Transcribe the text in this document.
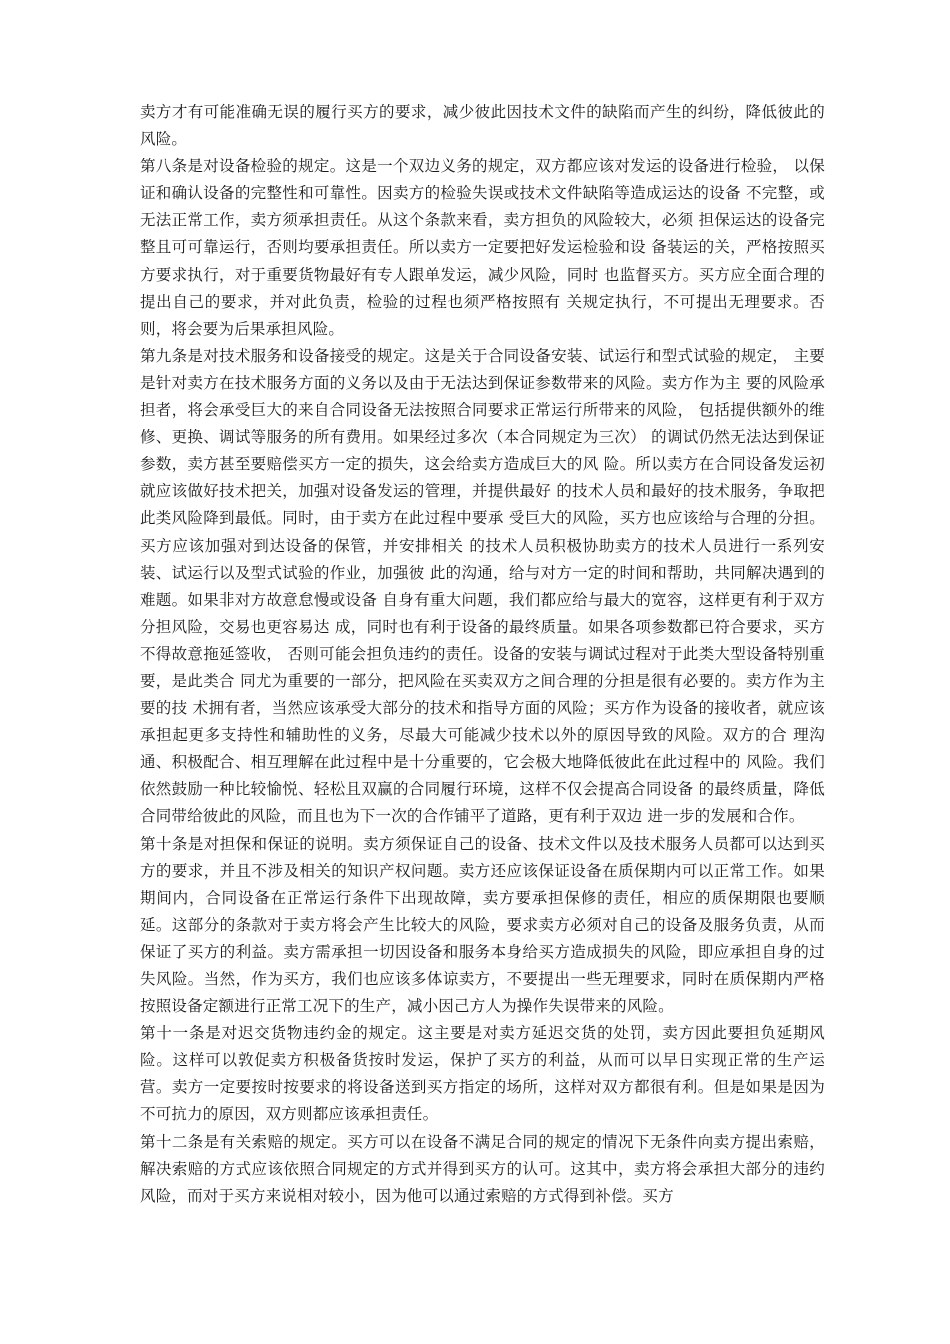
卖方才有可能准确无误的履行买方的要求，减少彼此因技术文件的缺陷而产生的纠纷，降低彼此的风险。

第八条是对设备检验的规定。这是一个双边义务的规定，双方都应该对发运的设备进行检验， 以保证和确认设备的完整性和可靠性。因卖方的检验失误或技术文件缺陷等造成运达的设备 不完整，或无法正常工作，卖方须承担责任。从这个条款来看，卖方担负的风险较大，必须 担保运达的设备完整且可可靠运行，否则均要承担责任。所以卖方一定要把好发运检验和设 备装运的关，严格按照买方要求执行，对于重要货物最好有专人跟单发运，减少风险，同时 也监督买方。买方应全面合理的提出自己的要求，并对此负责，检验的过程也须严格按照有 关规定执行，不可提出无理要求。否则，将会要为后果承担风险。

第九条是对技术服务和设备接受的规定。这是关于合同设备安装、试运行和型式试验的规定， 主要是针对卖方在技术服务方面的义务以及由于无法达到保证参数带来的风险。卖方作为主 要的风险承担者，将会承受巨大的来自合同设备无法按照合同要求正常运行所带来的风险， 包括提供额外的维修、更换、调试等服务的所有费用。如果经过多次（本合同规定为三次） 的调试仍然无法达到保证参数，卖方甚至要赔偿买方一定的损失，这会给卖方造成巨大的风 险。所以卖方在合同设备发运初就应该做好技术把关，加强对设备发运的管理，并提供最好 的技术人员和最好的技术服务，争取把此类风险降到最低。同时，由于卖方在此过程中要承 受巨大的风险，买方也应该给与合理的分担。买方应该加强对到达设备的保管，并安排相关 的技术人员积极协助卖方的技术人员进行一系列安装、试运行以及型式试验的作业，加强彼 此的沟通，给与对方一定的时间和帮助，共同解决遇到的难题。如果非对方故意怠慢或设备 自身有重大问题，我们都应给与最大的宽容，这样更有利于双方分担风险，交易也更容易达 成，同时也有利于设备的最终质量。如果各项参数都已符合要求，买方不得故意拖延签收， 否则可能会担负违约的责任。设备的安装与调试过程对于此类大型设备特别重要，是此类合 同尤为重要的一部分，把风险在买卖双方之间合理的分担是很有必要的。卖方作为主要的技 术拥有者，当然应该承受大部分的技术和指导方面的风险；买方作为设备的接收者，就应该 承担起更多支持性和辅助性的义务，尽最大可能减少技术以外的原因导致的风险。双方的合 理沟通、积极配合、相互理解在此过程中是十分重要的，它会极大地降低彼此在此过程中的 风险。我们依然鼓励一种比较愉悦、轻松且双赢的合同履行环境，这样不仅会提高合同设备 的最终质量，降低合同带给彼此的风险，而且也为下一次的合作铺平了道路，更有利于双边 进一步的发展和合作。

第十条是对担保和保证的说明。卖方须保证自己的设备、技术文件以及技术服务人员都可以达到买方的要求，并且不涉及相关的知识产权问题。卖方还应该保证设备在质保期内可以正常工作。如果期间内，合同设备在正常运行条件下出现故障，卖方要承担保修的责任，相应的质保期限也要顺延。这部分的条款对于卖方将会产生比较大的风险，要求卖方必须对自己的设备及服务负责，从而保证了买方的利益。卖方需承担一切因设备和服务本身给买方造成损失的风险，即应承担自身的过失风险。当然，作为买方，我们也应该多体谅卖方，不要提出一些无理要求，同时在质保期内严格按照设备定额进行正常工况下的生产，减小因己方人为操作失误带来的风险。

第十一条是对迟交货物违约金的规定。这主要是对卖方延迟交货的处罚，卖方因此要担负延期风险。这样可以敦促卖方积极备货按时发运，保护了买方的利益，从而可以早日实现正常的生产运营。卖方一定要按时按要求的将设备送到买方指定的场所，这样对双方都很有利。但是如果是因为不可抗力的原因，双方则都应该承担责任。

第十二条是有关索赔的规定。买方可以在设备不满足合同的规定的情况下无条件向卖方提出索赔，解决索赔的方式应该依照合同规定的方式并得到买方的认可。这其中，卖方将会承担大部分的违约风险，而对于买方来说相对较小，因为他可以通过索赔的方式得到补偿。买方
